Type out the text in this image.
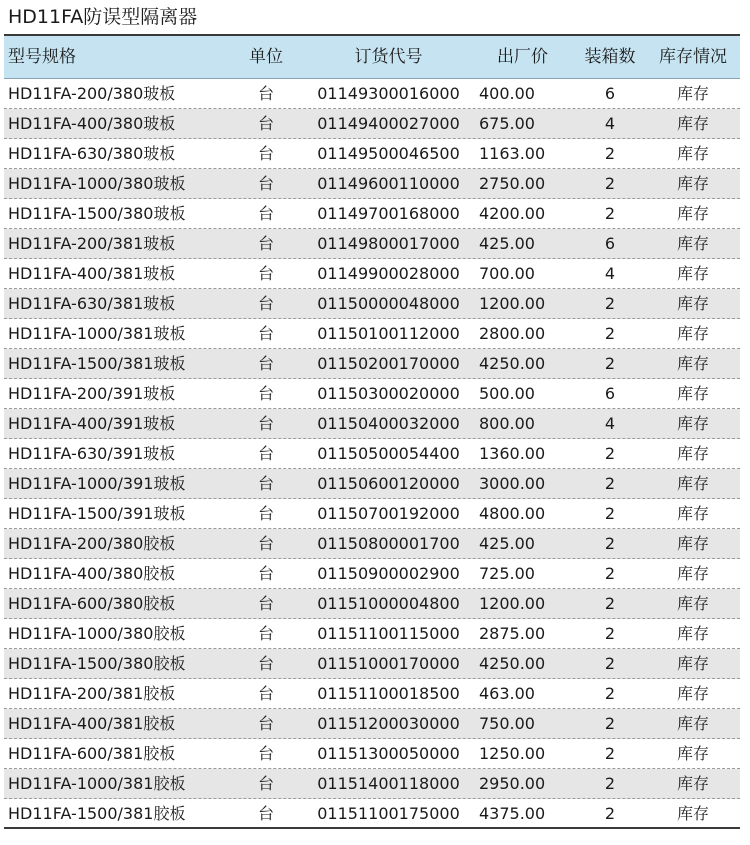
HD11FA防误型隔离器
型号规格	单位	订货代号	出厂价	装箱数	库存情况
HD11FA-200/380玻板	台	01149300016000	400.00	6	库存
HD11FA-400/380玻板	台	01149400027000	675.00	4	库存
HD11FA-630/380玻板	台	01149500046500	1163.00	2	库存
HD11FA-1000/380玻板	台	01149600110000	2750.00	2	库存
HD11FA-1500/380玻板	台	01149700168000	4200.00	2	库存
HD11FA-200/381玻板	台	01149800017000	425.00	6	库存
HD11FA-400/381玻板	台	01149900028000	700.00	4	库存
HD11FA-630/381玻板	台	01150000048000	1200.00	2	库存
HD11FA-1000/381玻板	台	01150100112000	2800.00	2	库存
HD11FA-1500/381玻板	台	01150200170000	4250.00	2	库存
HD11FA-200/391玻板	台	01150300020000	500.00	6	库存
HD11FA-400/391玻板	台	01150400032000	800.00	4	库存
HD11FA-630/391玻板	台	01150500054400	1360.00	2	库存
HD11FA-1000/391玻板	台	01150600120000	3000.00	2	库存
HD11FA-1500/391玻板	台	01150700192000	4800.00	2	库存
HD11FA-200/380胶板	台	01150800001700	425.00	2	库存
HD11FA-400/380胶板	台	01150900002900	725.00	2	库存
HD11FA-600/380胶板	台	01151000004800	1200.00	2	库存
HD11FA-1000/380胶板	台	01151100115000	2875.00	2	库存
HD11FA-1500/380胶板	台	01151000170000	4250.00	2	库存
HD11FA-200/381胶板	台	01151100018500	463.00	2	库存
HD11FA-400/381胶板	台	01151200030000	750.00	2	库存
HD11FA-600/381胶板	台	01151300050000	1250.00	2	库存
HD11FA-1000/381胶板	台	01151400118000	2950.00	2	库存
HD11FA-1500/381胶板	台	01151100175000	4375.00	2	库存
